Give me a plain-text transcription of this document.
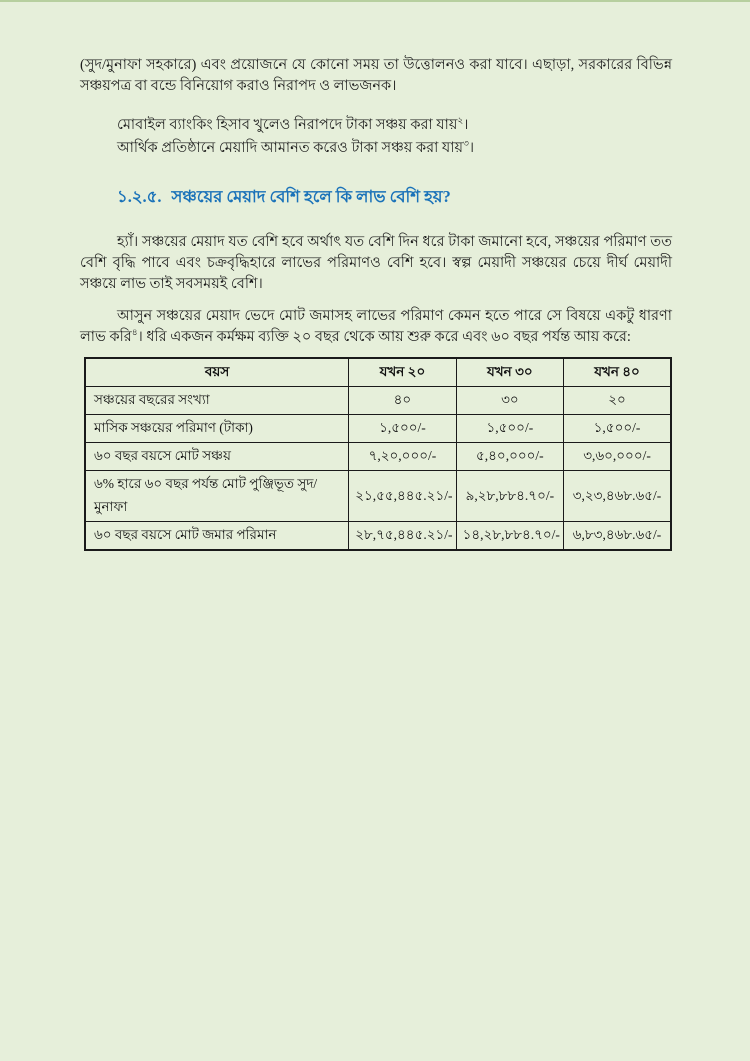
(সুদ/মুনাফা সহকারে) এবং প্রয়োজনে যে কোনো সময় তা উত্তোলনও করা যাবে। এছাড়া, সরকারের বিভিন্ন সঞ্চয়পত্র বা বন্ডে বিনিয়োগ করাও নিরাপদ ও লাভজনক।

মোবাইল ব্যাংকিং হিসাব খুলেও নিরাপদে টাকা সঞ্চয় করা যায়$^২$।

আর্থিক প্রতিষ্ঠানে মেয়াদি আমানত করেও টাকা সঞ্চয় করা যায়$^৩$।

১.২.৫. সঞ্চয়ের মেয়াদ বেশি হলে কি লাভ বেশি হয়?

হ্যাঁ। সঞ্চয়ের মেয়াদ যত বেশি হবে অর্থাৎ যত বেশি দিন ধরে টাকা জমানো হবে, সঞ্চয়ের পরিমাণ তত বেশি বৃদ্ধি পাবে এবং চক্রবৃদ্ধিহারে লাভের পরিমাণও বেশি হবে। স্বল্প মেয়াদী সঞ্চয়ের চেয়ে দীর্ঘ মেয়াদী সঞ্চয়ে লাভ তাই সবসময়ই বেশি।

আসুন সঞ্চয়ের মেয়াদ ভেদে মোট জমাসহ লাভের পরিমাণ কেমন হতে পারে সে বিষয়ে একটু ধারণা লাভ করি$^৪$। ধরি একজন কর্মক্ষম ব্যক্তি ২০ বছর থেকে আয় শুরু করে এবং ৬০ বছর পর্যন্ত আয় করে:

বয়স	যখন ২০	যখন ৩০	যখন ৪০
সঞ্চয়ের বছরের সংখ্যা	৪০	৩০	২০
মাসিক সঞ্চয়ের পরিমাণ (টাকা)	১,৫০০/-	১,৫০০/-	১,৫০০/-
৬০ বছর বয়সে মোট সঞ্চয়	৭,২০,০০০/-	৫,৪০,০০০/-	৩,৬০,০০০/-
৬% হারে ৬০ বছর পর্যন্ত মোট পুঞ্জিভূত সুদ/মুনাফা	২১,৫৫,৪৪৫.২১/-	৯,২৮,৮৮৪.৭০/-	৩,২৩,৪৬৮.৬৫/-
৬০ বছর বয়সে মোট জমার পরিমান	২৮,৭৫,৪৪৫.২১/-	১৪,২৮,৮৮৪.৭০/-	৬,৮৩,৪৬৮.৬৫/-
